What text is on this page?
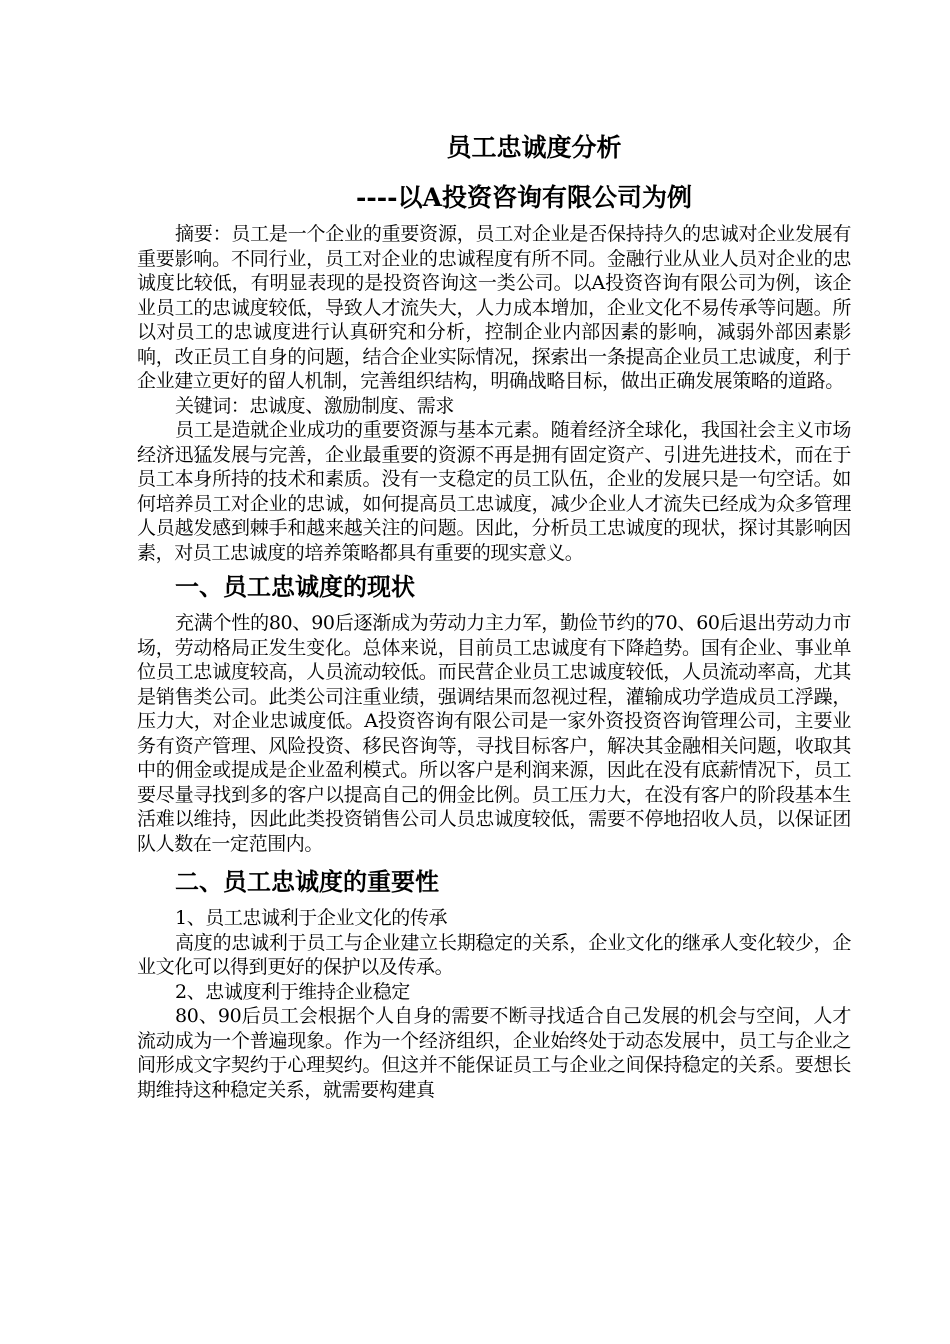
员工忠诚度分析
----以A投资咨询有限公司为例

摘要：员工是一个企业的重要资源，员工对企业是否保持持久的忠诚对企业发展有重要影响。不同行业，员工对企业的忠诚程度有所不同。金融行业从业人员对企业的忠诚度比较低，有明显表现的是投资咨询这一类公司。以A投资咨询有限公司为例，该企业员工的忠诚度较低，导致人才流失大，人力成本增加，企业文化不易传承等问题。所以对员工的忠诚度进行认真研究和分析，控制企业内部因素的影响，减弱外部因素影响，改正员工自身的问题，结合企业实际情况，探索出一条提高企业员工忠诚度，利于企业建立更好的留人机制，完善组织结构，明确战略目标，做出正确发展策略的道路。

关键词：忠诚度、激励制度、需求

员工是造就企业成功的重要资源与基本元素。随着经济全球化，我国社会主义市场经济迅猛发展与完善，企业最重要的资源不再是拥有固定资产、引进先进技术，而在于员工本身所持的技术和素质。没有一支稳定的员工队伍，企业的发展只是一句空话。如何培养员工对企业的忠诚，如何提高员工忠诚度，减少企业人才流失已经成为众多管理人员越发感到棘手和越来越关注的问题。因此，分析员工忠诚度的现状，探讨其影响因素，对员工忠诚度的培养策略都具有重要的现实意义。

一、员工忠诚度的现状

充满个性的80、90后逐渐成为劳动力主力军，勤俭节约的70、60后退出劳动力市场，劳动格局正发生变化。总体来说，目前员工忠诚度有下降趋势。国有企业、事业单位员工忠诚度较高，人员流动较低。而民营企业员工忠诚度较低，人员流动率高，尤其是销售类公司。此类公司注重业绩，强调结果而忽视过程，灌输成功学造成员工浮躁，压力大，对企业忠诚度低。A投资咨询有限公司是一家外资投资咨询管理公司，主要业务有资产管理、风险投资、移民咨询等，寻找目标客户，解决其金融相关问题，收取其中的佣金或提成是企业盈利模式。所以客户是利润来源，因此在没有底薪情况下，员工要尽量寻找到多的客户以提高自己的佣金比例。员工压力大，在没有客户的阶段基本生活难以维持，因此此类投资销售公司人员忠诚度较低，需要不停地招收人员，以保证团队人数在一定范围内。

二、员工忠诚度的重要性

1、员工忠诚利于企业文化的传承

高度的忠诚利于员工与企业建立长期稳定的关系，企业文化的继承人变化较少，企业文化可以得到更好的保护以及传承。

2、忠诚度利于维持企业稳定

80、90后员工会根据个人自身的需要不断寻找适合自己发展的机会与空间，人才流动成为一个普遍现象。作为一个经济组织，企业始终处于动态发展中，员工与企业之间形成文字契约于心理契约。但这并不能保证员工与企业之间保持稳定的关系。要想长期维持这种稳定关系，就需要构建真
